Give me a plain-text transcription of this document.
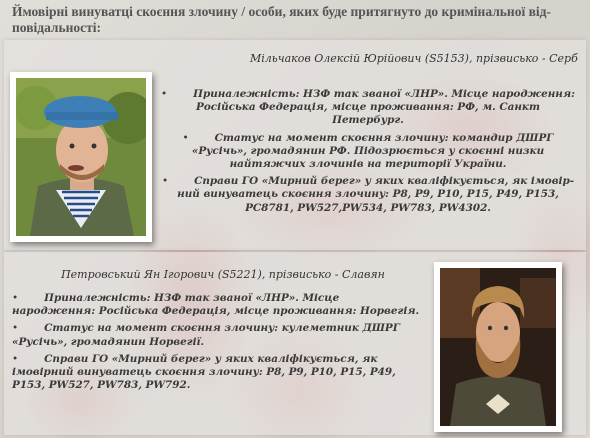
Ймовірні винуватці скоєння злочину / особи, яких буде притягнуто до кримінальної від-повідальності:
Мільчаков Олексій Юрійович (S5153), прізвисько - Серб
•	Приналежність: НЗФ так званої «ЛНР». Місце народження: Російська Федерація, місце проживання: РФ, м. Санкт Петербург.
•	Статус на момент скоєння злочину: командир ДШРГ «Русічь», громадянин РФ. Підозрюється у скоєнні низки найтяжчих злочинів на території України.
•	Справи ГО «Мирний берег» у яких кваліфікується, як імовір-ний винуватець скоєння злочину: P8, P9, P10, P15, P49, P153, PC8781, PW527,PW534, PW783, PW4302.
Петровський Ян Ігорович (S5221), прізвисько - Славян
•	Приналежність: НЗФ так званої «ЛНР». Місце народження: Російська Федерація, місце проживання: Норвегія.
•	Статус на момент скоєння злочину: кулеметник ДШРГ «Русічь», громадянин Норвегії.
•	Справи ГО «Мирний берег» у яких кваліфікується, як імовірний винуватець скоєння злочину: P8, P9, P10, P15, P49, P153, PW527, PW783, PW792.
